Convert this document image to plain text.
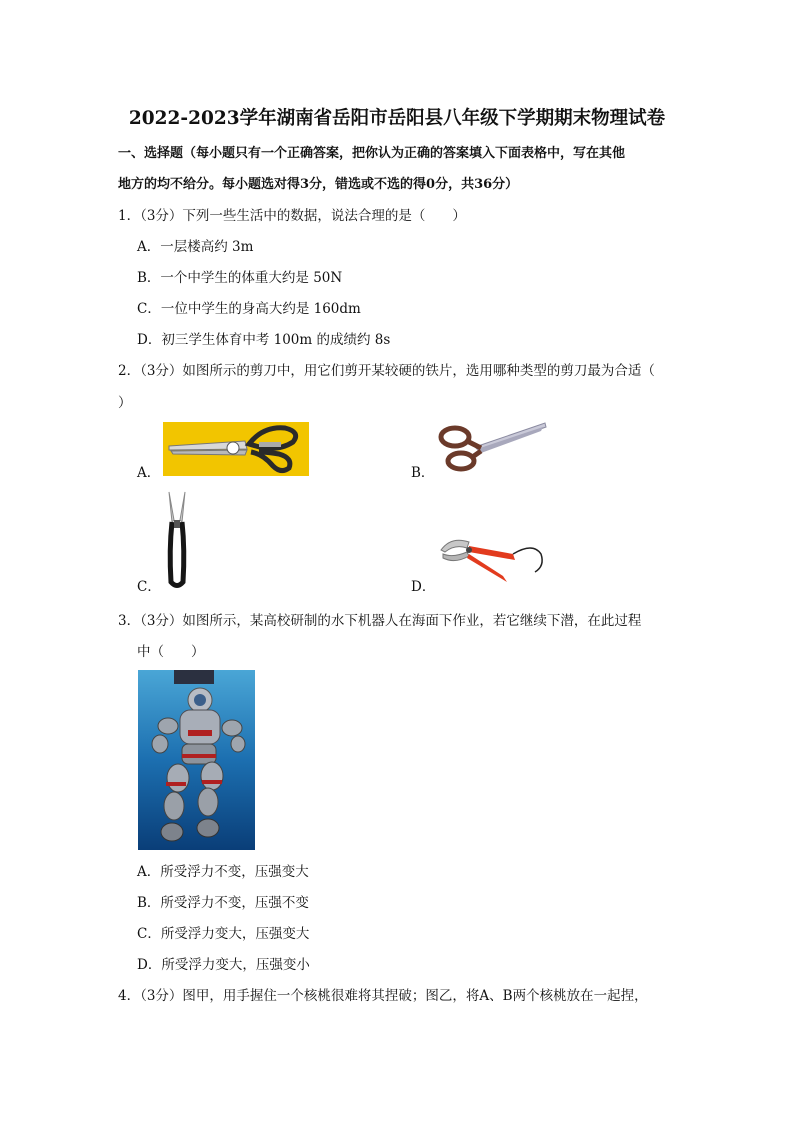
2022-2023学年湖南省岳阳市岳阳县八年级下学期期末物理试卷
一、选择题（每小题只有一个正确答案，把你认为正确的答案填入下面表格中，写在其他
地方的均不给分。每小题选对得3分，错选或不选的得0分，共36分）
1．（3分）下列一些生活中的数据，说法合理的是（　　）
A．一层楼高约 3m
B．一个中学生的体重大约是 50N
C．一位中学生的身高大约是 160dm
D．初三学生体育中考 100m 的成绩约 8s
2．（3分）如图所示的剪刀中，用它们剪开某较硬的铁片，选用哪种类型的剪刀最为合适（
）
A．	B．
C．	D．
3．（3分）如图所示，某高校研制的水下机器人在海面下作业，若它继续下潜，在此过程
中（　　）
A．所受浮力不变，压强变大
B．所受浮力不变，压强不变
C．所受浮力变大，压强变大
D．所受浮力变大，压强变小
4．（3分）图甲，用手握住一个核桃很难将其捏破；图乙，将A、B两个核桃放在一起捏，
